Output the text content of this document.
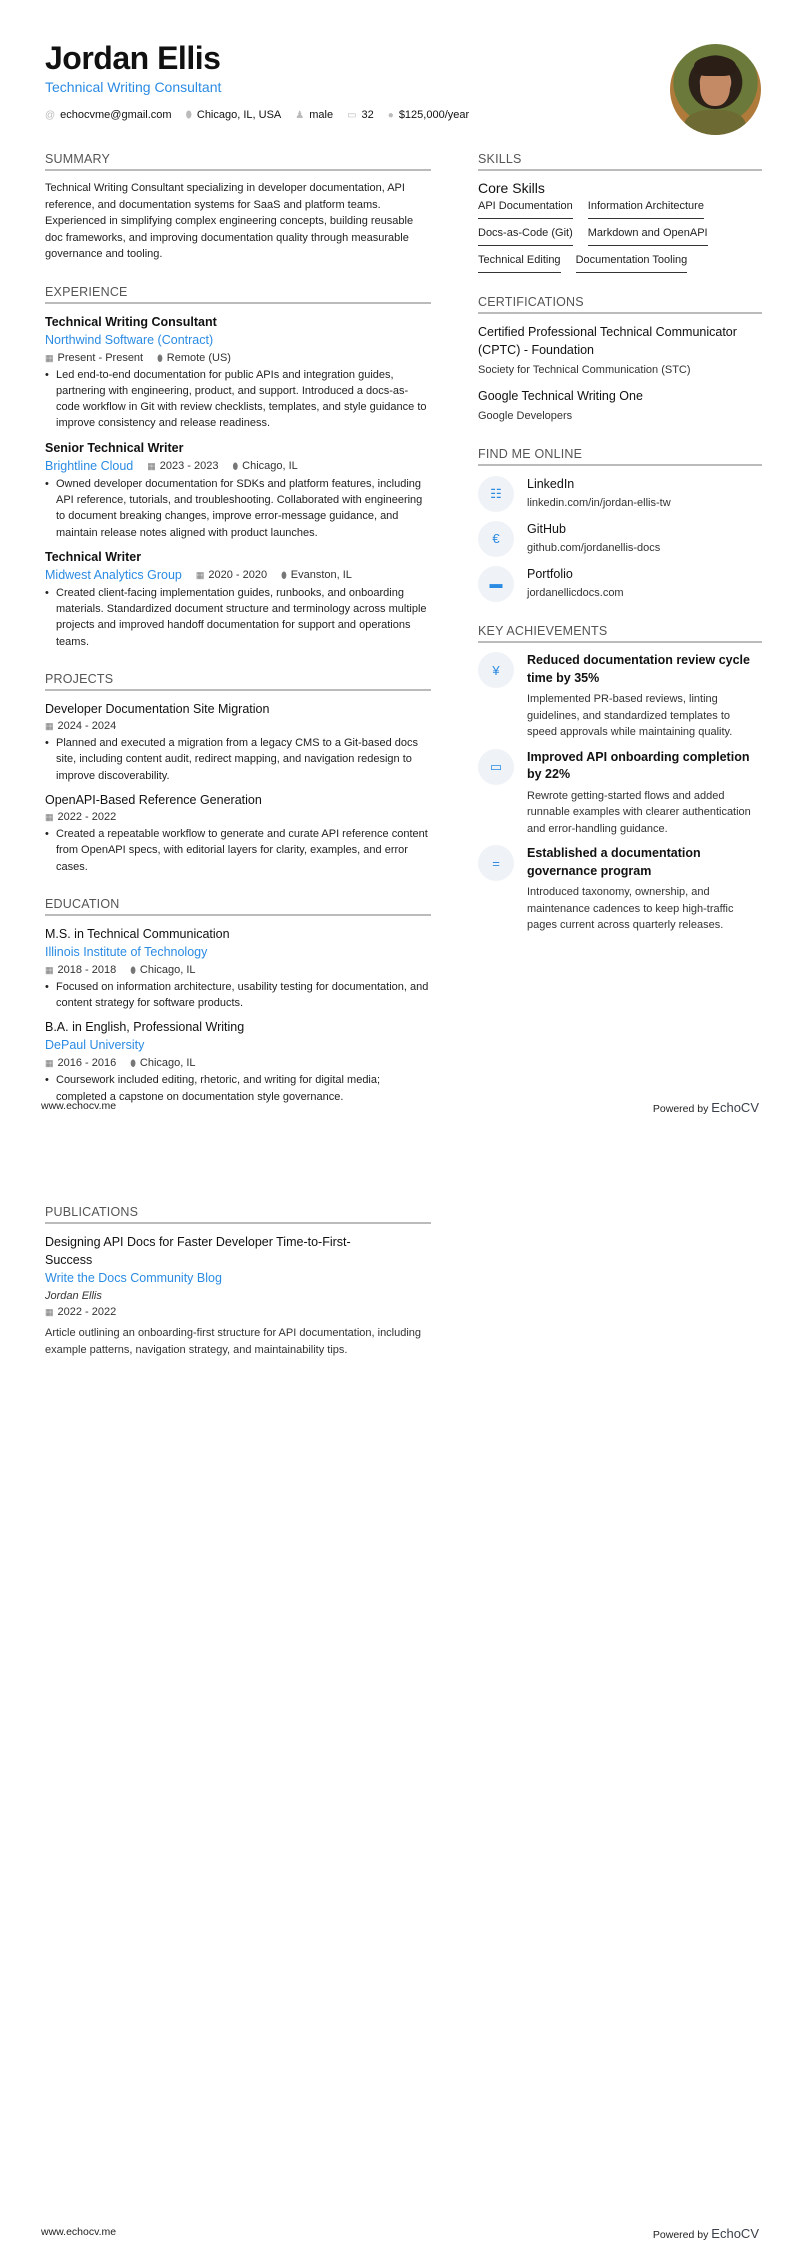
Jordan Ellis
Technical Writing Consultant
@ echocvme@gmail.com ⬮ Chicago, IL, USA ♟ male ▭ 32 ● $125,000/year
SUMMARY

Technical Writing Consultant specializing in developer documentation, API reference, and documentation systems for SaaS and platform teams. Experienced in simplifying complex engineering concepts, building reusable doc frameworks, and improving documentation quality through measurable governance and tooling.

EXPERIENCE
Technical Writing Consultant
Northwind Software (Contract)
▦ Present - Present ⬮ Remote (US)
• Led end-to-end documentation for public APIs and integration guides, partnering with engineering, product, and support. Introduced a docs-as-code workflow in Git with review checklists, templates, and style guidance to improve consistency and release readiness.
Senior Technical Writer
Brightline Cloud ▦ 2023 - 2023 ⬮ Chicago, IL
• Owned developer documentation for SDKs and platform features, including API reference, tutorials, and troubleshooting. Collaborated with engineering to document breaking changes, improve error-message guidance, and maintain release notes aligned with product launches.
Technical Writer
Midwest Analytics Group ▦ 2020 - 2020 ⬮ Evanston, IL
• Created client-facing implementation guides, runbooks, and onboarding materials. Standardized document structure and terminology across multiple projects and improved handoff documentation for support and operations teams.
PROJECTS
Developer Documentation Site Migration
▦ 2024 - 2024
• Planned and executed a migration from a legacy CMS to a Git-based docs site, including content audit, redirect mapping, and navigation redesign to improve discoverability.
OpenAPI-Based Reference Generation
▦ 2022 - 2022
• Created a repeatable workflow to generate and curate API reference content from OpenAPI specs, with editorial layers for clarity, examples, and error cases.
EDUCATION
M.S. in Technical Communication
Illinois Institute of Technology
▦ 2018 - 2018 ⬮ Chicago, IL
• Focused on information architecture, usability testing for documentation, and content strategy for software products.
B.A. in English, Professional Writing
DePaul University
▦ 2016 - 2016 ⬮ Chicago, IL
• Coursework included editing, rhetoric, and writing for digital media; completed a capstone on documentation style governance.
SKILLS
Core Skills
API Documentation Information Architecture
Docs-as-Code (Git) Markdown and OpenAPI
Technical Editing Documentation Tooling
CERTIFICATIONS
Certified Professional Technical Communicator (CPTC) - Foundation
Society for Technical Communication (STC)
Google Technical Writing One
Google Developers
FIND ME ONLINE
☷
LinkedIn
linkedin.com/in/jordan-ellis-tw
€
GitHub
github.com/jordanellis-docs
▬
Portfolio
jordanellicdocs.com
KEY ACHIEVEMENTS
¥
Reduced documentation review cycle time by 35%
Implemented PR-based reviews, linting guidelines, and standardized templates to speed approvals while maintaining quality.
▭
Improved API onboarding completion by 22%
Rewrote getting-started flows and added runnable examples with clearer authentication and error-handling guidance.
=
Established a documentation governance program
Introduced taxonomy, ownership, and maintenance cadences to keep high-traffic pages current across quarterly releases.
www.echocv.me	Powered by EchoCV
PUBLICATIONS
Designing API Docs for Faster Developer Time-to-First-Success
Write the Docs Community Blog
Jordan Ellis
▦ 2022 - 2022

Article outlining an onboarding-first structure for API documentation, including example patterns, navigation strategy, and maintainability tips.

www.echocv.me	Powered by EchoCV
